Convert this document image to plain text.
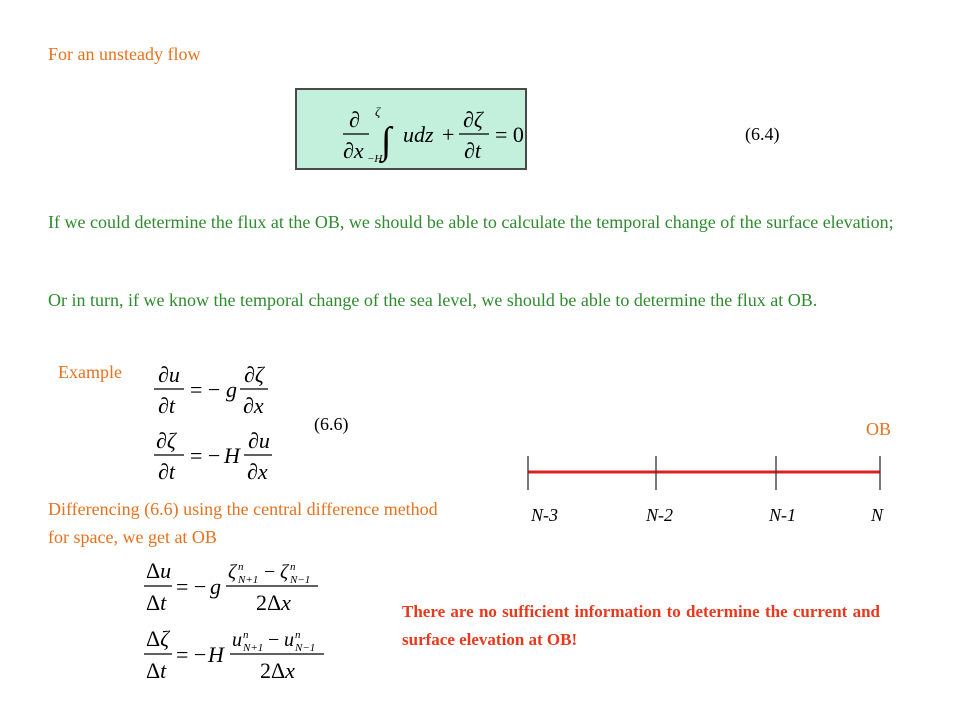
For an unsteady flow
∂
∂x ∫
ζ
−H
udz +
∂ζ
∂t
= 0	(6.4)
If we could determine the flux at the OB, we should be able to calculate the temporal change of the surface elevation;
Or in turn, if we know the temporal change of the sea level, we should be able to determine the flux at OB.
Example ∂u
∂t
= − g
∂ζ
∂x
∂ζ
∂t
= − H
∂u
∂x
(6.6)	OB
N-3	N-2	N-1	N
Differencing (6.6) using the central difference method for space, we get at OB
Δu
Δt
= − g
ζ n
N+1 − ζ n
N−1
2Δx
Δζ
Δt
= − H
u n
N+1 − u n
N−1
2Δx
There are no sufficient information to determine the current and surface elevation at OB!
